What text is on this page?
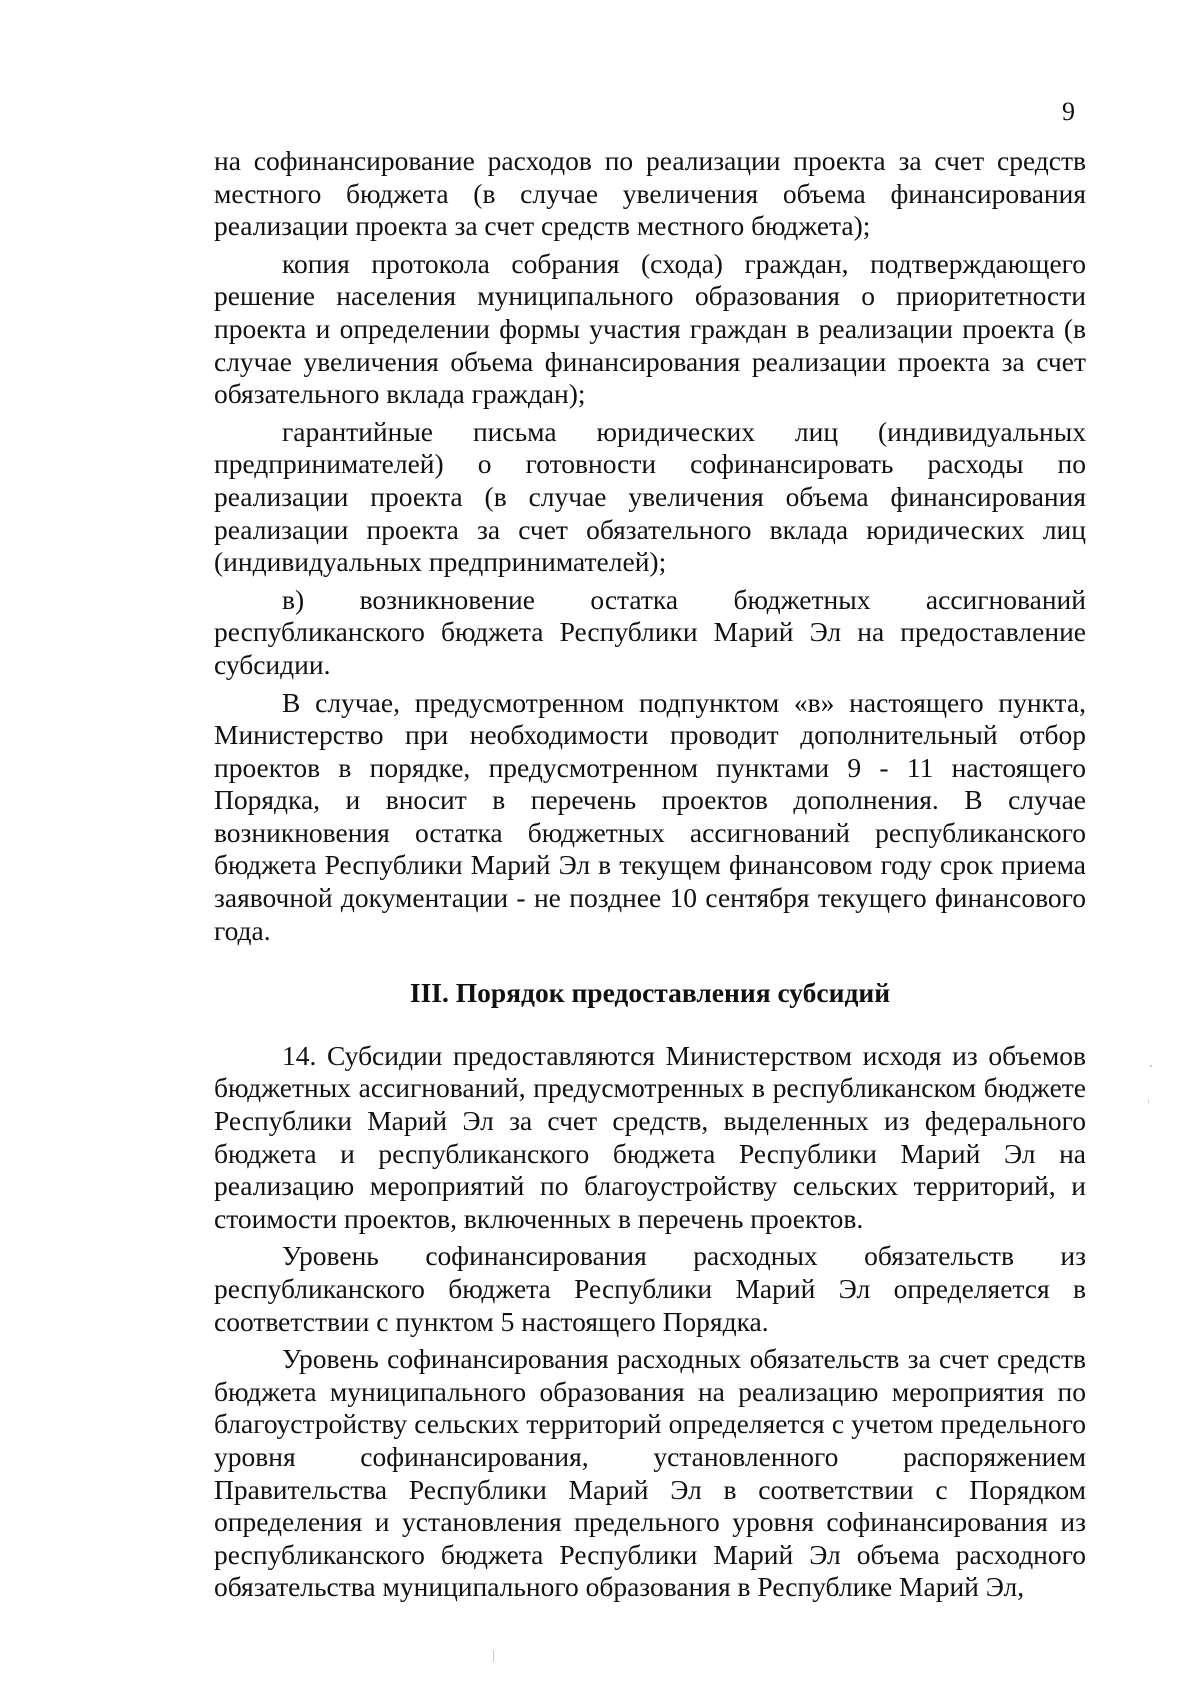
9

на софинансирование расходов по реализации проекта за счет средств местного бюджета (в случае увеличения объема финансирования реализации проекта за счет средств местного бюджета);

копия протокола собрания (схода) граждан, подтверждающего решение населения муниципального образования о приоритетности проекта и определении формы участия граждан в реализации проекта (в случае увеличения объема финансирования реализации проекта за счет обязательного вклада граждан);

гарантийные письма юридических лиц (индивидуальных предпринимателей) о готовности софинансировать расходы по реализации проекта (в случае увеличения объема финансирования реализации проекта за счет обязательного вклада юридических лиц (индивидуальных предпринимателей);

в) возникновение остатка бюджетных ассигнований республиканского бюджета Республики Марий Эл на предоставление субсидии.

В случае, предусмотренном подпунктом «в» настоящего пункта, Министерство при необходимости проводит дополнительный отбор проектов в порядке, предусмотренном пунктами 9 - 11 настоящего Порядка, и вносит в перечень проектов дополнения. В случае возникновения остатка бюджетных ассигнований республиканского бюджета Республики Марий Эл в текущем финансовом году срок приема заявочной документации - не позднее 10 сентября текущего финансового года.

III. Порядок предоставления субсидий

14. Субсидии предоставляются Министерством исходя из объемов бюджетных ассигнований, предусмотренных в республиканском бюджете Республики Марий Эл за счет средств, выделенных из федерального бюджета и республиканского бюджета Республики Марий Эл на реализацию мероприятий по благоустройству сельских территорий, и стоимости проектов, включенных в перечень проектов.

Уровень софинансирования расходных обязательств из республиканского бюджета Республики Марий Эл определяется в соответствии с пунктом 5 настоящего Порядка.

Уровень софинансирования расходных обязательств за счет средств бюджета муниципального образования на реализацию мероприятия по благоустройству сельских территорий определяется с учетом предельного уровня софинансирования, установленного распоряжением Правительства Республики Марий Эл в соответствии с Порядком определения и установления предельного уровня софинансирования из республиканского бюджета Республики Марий Эл объема расходного обязательства муниципального образования в Республике Марий Эл,
